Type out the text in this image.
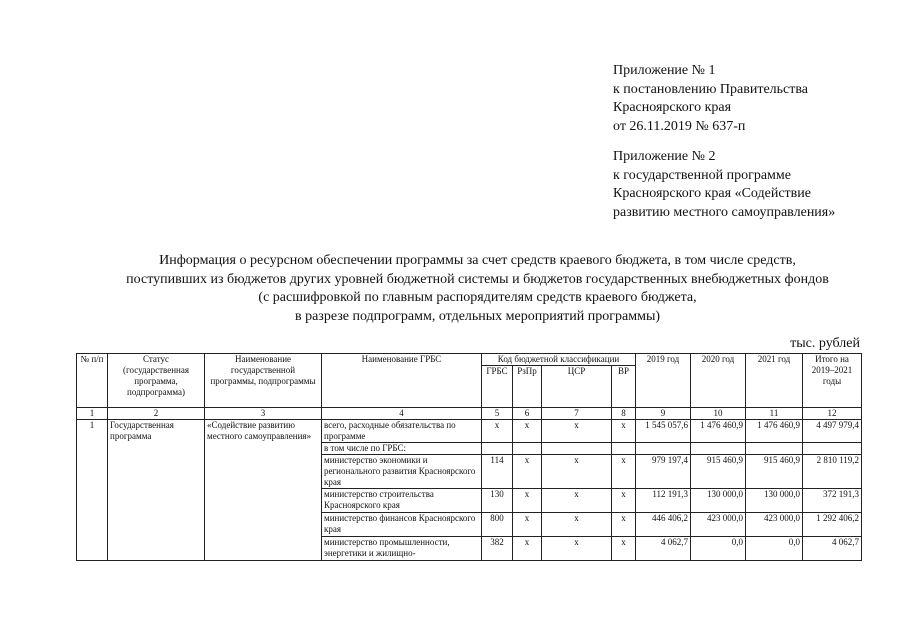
Приложение № 1
к постановлению Правительства
Красноярского края
от 26.11.2019 № 637-п
Приложение № 2
к государственной программе
Красноярского края «Содействие
развитию местного самоуправления»
Информация о ресурсном обеспечении программы за счет средств краевого бюджета, в том числе средств,
поступивших из бюджетов других уровней бюджетной системы и бюджетов государственных внебюджетных фондов
(с расшифровкой по главным распорядителям средств краевого бюджета,
в разрезе подпрограмм, отдельных мероприятий программы)
тыс. рублей
№ п/п	Статус (государственная программа, подпрограмма)	Наименование государственной программы, подпрограммы	Наименование ГРБС	Код бюджетной классификации				2019 год	2020 год	2021 год	Итого на 2019–2021 годы
				ГРБС	РзПр	ЦСР	ВР				
1	2	3	4	5	6	7	8	9	10	11	12
1	Государственная программа	«Содействие развитию местного самоуправления»	всего, расходные обязательства по программе	х	х	х	х	1 545 057,6	1 476 460,9	1 476 460,9	4 497 979,4
			в том числе по ГРБС:								
			министерство экономики и регионального развития Красноярского края	114	х	х	х	979 197,4	915 460,9	915 460,9	2 810 119,2
			министерство строительства Красноярского края	130	х	х	х	112 191,3	130 000,0	130 000,0	372 191,3
			министерство финансов Красноярского края	800	х	х	х	446 406,2	423 000,0	423 000,0	1 292 406,2
			министерство промышленности, энергетики и жилищно-	382	х	х	х	4 062,7	0,0	0,0	4 062,7
